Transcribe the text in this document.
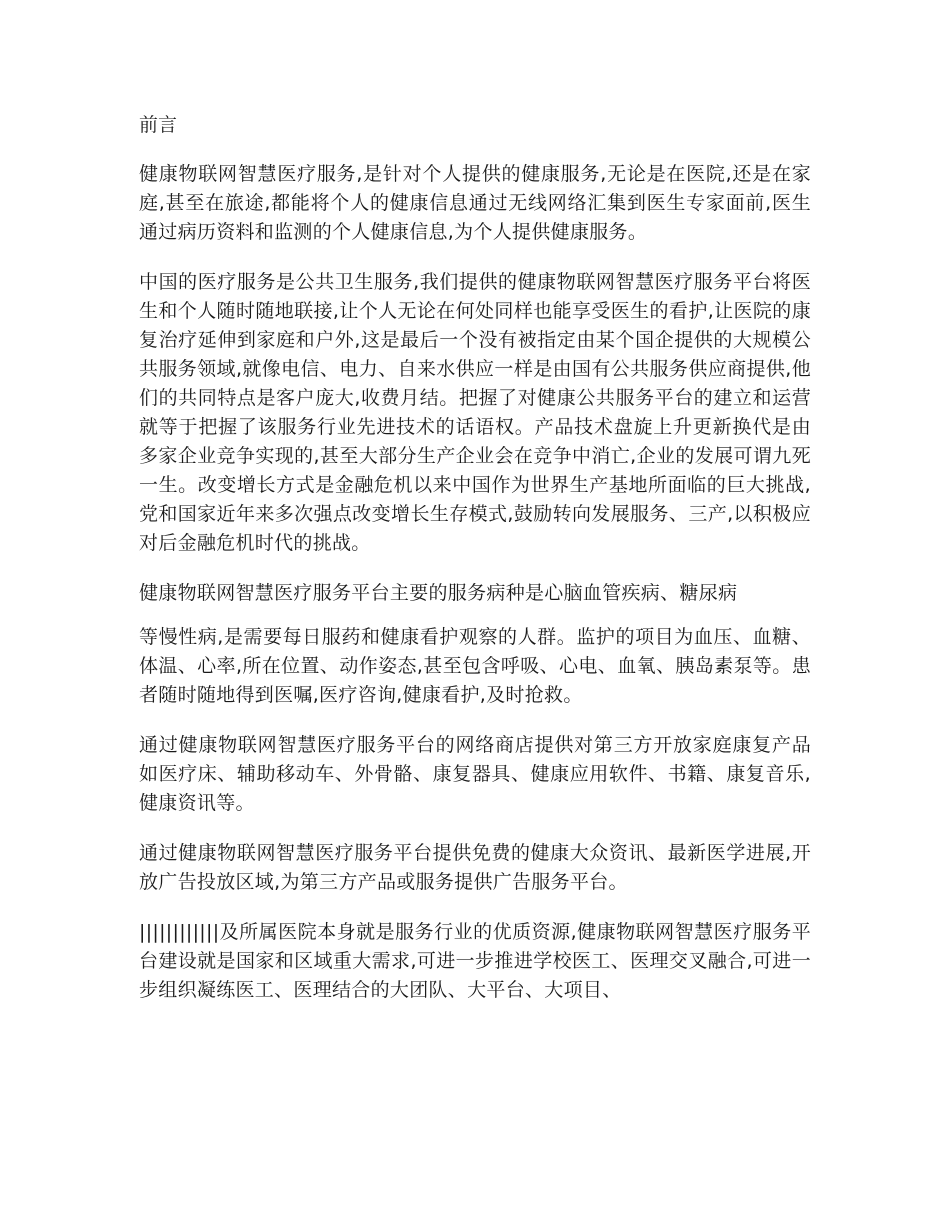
前言

健康物联网智慧医疗服务,是针对个人提供的健康服务,无论是在医院,还是在家庭,甚至在旅途,都能将个人的健康信息通过无线网络汇集到医生专家面前,医生通过病历资料和监测的个人健康信息,为个人提供健康服务。

中国的医疗服务是公共卫生服务,我们提供的健康物联网智慧医疗服务平台将医生和个人随时随地联接,让个人无论在何处同样也能享受医生的看护,让医院的康复治疗延伸到家庭和户外,这是最后一个没有被指定由某个国企提供的大规模公共服务领域,就像电信、电力、自来水供应一样是由国有公共服务供应商提供,他们的共同特点是客户庞大,收费月结。把握了对健康公共服务平台的建立和运营就等于把握了该服务行业先进技术的话语权。产品技术盘旋上升更新换代是由多家企业竞争实现的,甚至大部分生产企业会在竞争中消亡,企业的发展可谓九死一生。改变增长方式是金融危机以来中国作为世界生产基地所面临的巨大挑战,党和国家近年来多次强点改变增长生存模式,鼓励转向发展服务、三产,以积极应对后金融危机时代的挑战。

健康物联网智慧医疗服务平台主要的服务病种是心脑血管疾病、糖尿病

等慢性病,是需要每日服药和健康看护观察的人群。监护的项目为血压、血糖、体温、心率,所在位置、动作姿态,甚至包含呼吸、心电、血氧、胰岛素泵等。患者随时随地得到医嘱,医疗咨询,健康看护,及时抢救。

通过健康物联网智慧医疗服务平台的网络商店提供对第三方开放家庭康复产品如医疗床、辅助移动车、外骨骼、康复器具、健康应用软件、书籍、康复音乐,健康资讯等。

通过健康物联网智慧医疗服务平台提供免费的健康大众资讯、最新医学进展,开放广告投放区域,为第三方产品或服务提供广告服务平台。

||||||||||||及所属医院本身就是服务行业的优质资源,健康物联网智慧医疗服务平台建设就是国家和区域重大需求,可进一步推进学校医工、医理交叉融合,可进一步组织凝练医工、医理结合的大团队、大平台、大项目、
